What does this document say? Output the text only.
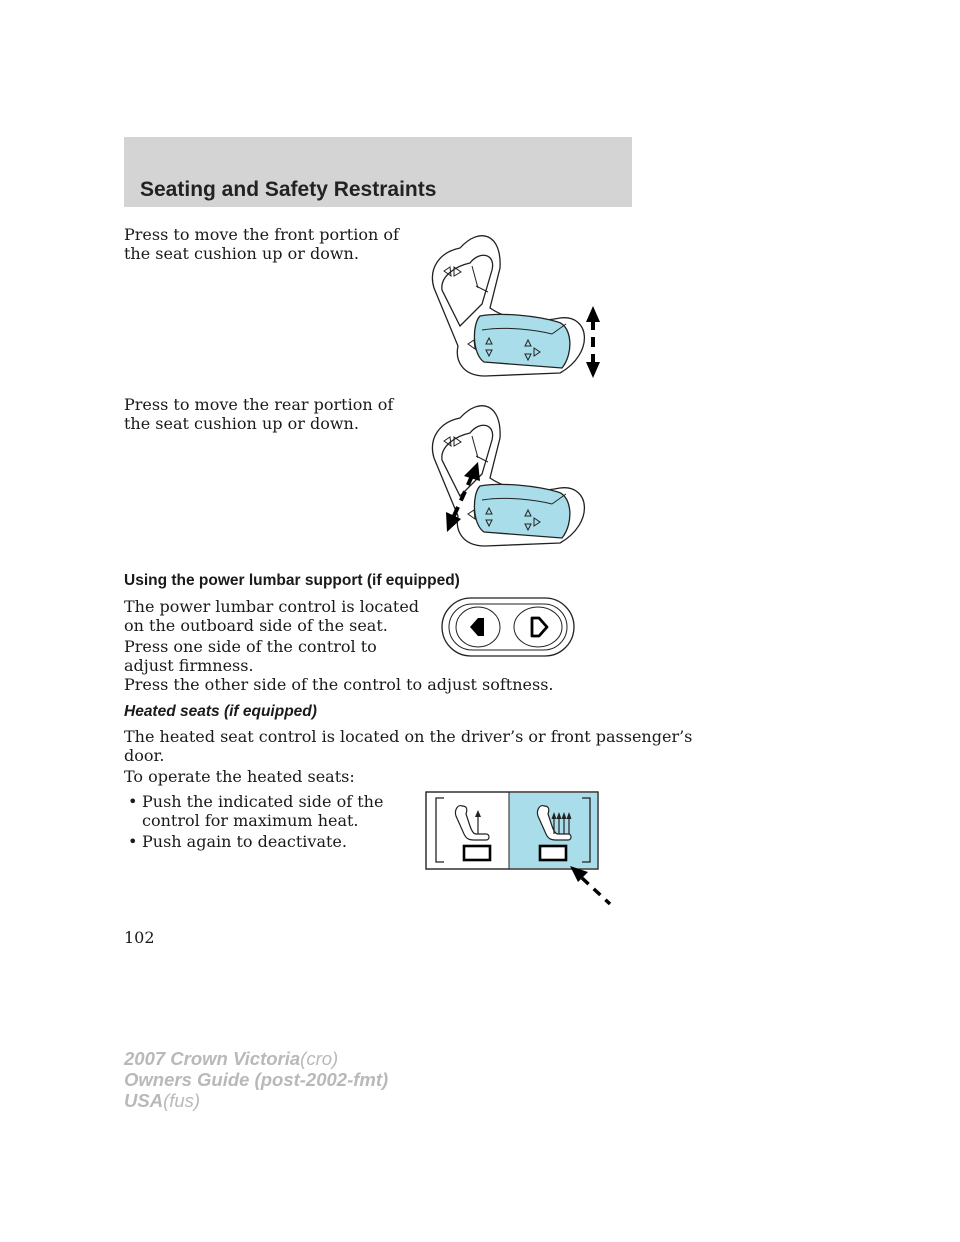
Seating and Safety Restraints

Press to move the front portion of
the seat cushion up or down.

Press to move the rear portion of
the seat cushion up or down.

Using the power lumbar support (if equipped)

The power lumbar control is located
on the outboard side of the seat.

Press one side of the control to
adjust firmness.

Press the other side of the control to adjust softness.

Heated seats (if equipped)

The heated seat control is located on the driver’s or front passenger’s
door.

To operate the heated seats:

• Push the indicated side of the
control for maximum heat.
• Push again to deactivate.

102

2007 Crown Victoria(cro)
Owners Guide (post-2002-fmt)
USA(fus)
